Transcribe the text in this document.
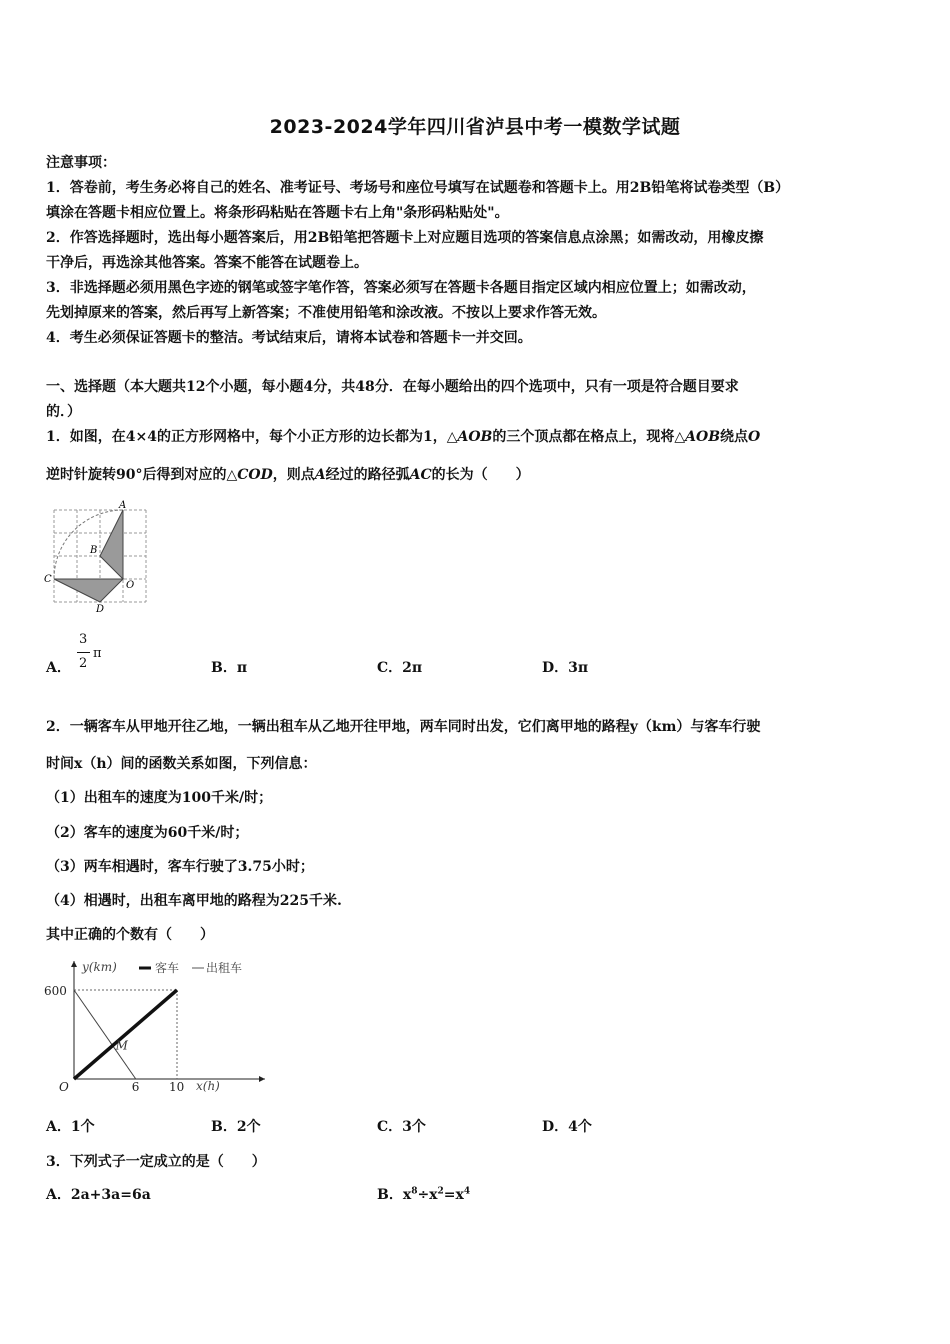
2023-2024学年四川省泸县中考一模数学试题
注意事项：
1．答卷前，考生务必将自己的姓名、准考证号、考场号和座位号填写在试题卷和答题卡上。用2B铅笔将试卷类型（B）
填涂在答题卡相应位置上。将条形码粘贴在答题卡右上角"条形码粘贴处"。
2．作答选择题时，选出每小题答案后，用2B铅笔把答题卡上对应题目选项的答案信息点涂黑；如需改动，用橡皮擦
干净后，再选涂其他答案。答案不能答在试题卷上。
3．非选择题必须用黑色字迹的钢笔或签字笔作答，答案必须写在答题卡各题目指定区域内相应位置上；如需改动，
先划掉原来的答案，然后再写上新答案；不准使用铅笔和涂改液。不按以上要求作答无效。
4．考生必须保证答题卡的整洁。考试结束后，请将本试卷和答题卡一并交回。
一、选择题（本大题共12个小题，每小题4分，共48分．在每小题给出的四个选项中，只有一项是符合题目要求
的．）
1．如图，在4×4的正方形网格中，每个小正方形的边长都为1，△AOB的三个顶点都在格点上，现将△AOB绕点O
逆时针旋转90°后得到对应的△COD，则点A经过的路径弧AC的长为（　　）
A
B
C
O
D
A．
3
2
π
B．π	C．2π	D．3π
2．一辆客车从甲地开往乙地，一辆出租车从乙地开往甲地，两车同时出发，它们离甲地的路程y（km）与客车行驶
时间x（h）间的函数关系如图，下列信息：
（1）出租车的速度为100千米/时；
（2）客车的速度为60千米/时；
（3）两车相遇时，客车行驶了3.75小时；
（4）相遇时，出租车离甲地的路程为225千米.
其中正确的个数有（　　）
y(km)
x(h)
O
客车 出租车
M
600
6 10
A．1个	B．2个	C．3个	D．4个
3．下列式子一定成立的是（　　）
A．2a+3a=6a	B．$x^8\div x^2=x^4$
